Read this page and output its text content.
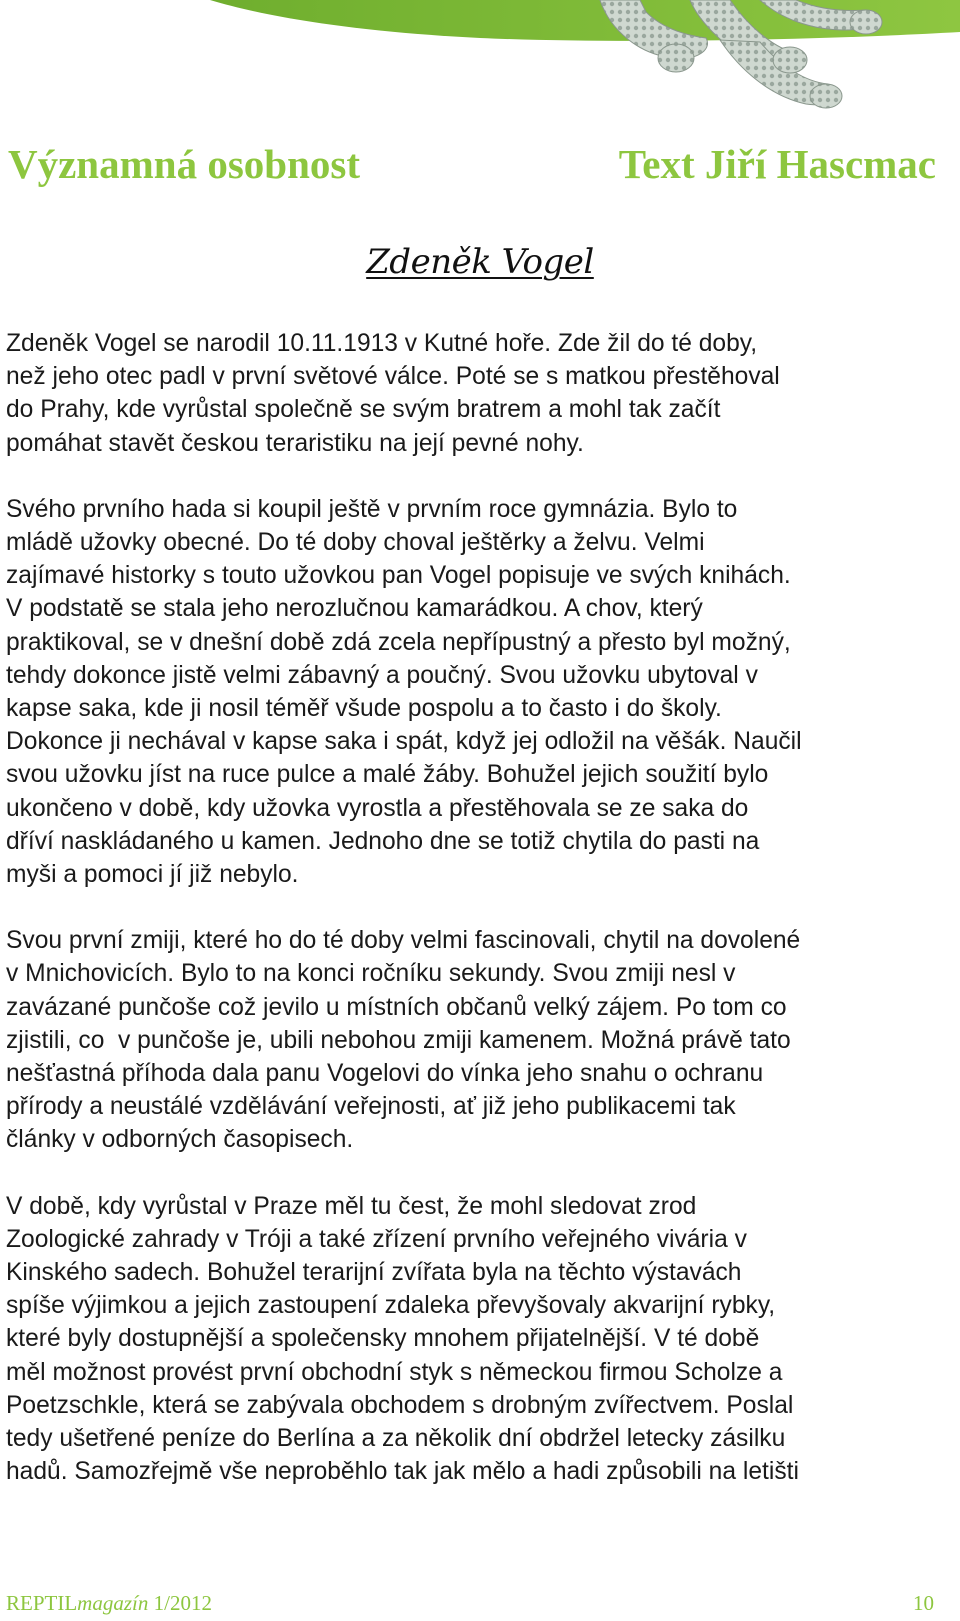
Významná osobnost	Text Jiří Hascmac
Zdeněk Vogel
Zdeněk Vogel se narodil 10.11.1913 v Kutné hoře. Zde žil do té doby,
než jeho otec padl v první světové válce. Poté se s matkou přestěhoval
do Prahy, kde vyrůstal společně se svým bratrem a mohl tak začít
pomáhat stavět českou teraristiku na její pevné nohy.
Svého prvního hada si koupil ještě v prvním roce gymnázia. Bylo to
mládě užovky obecné. Do té doby choval ještěrky a želvu. Velmi
zajímavé historky s touto užovkou pan Vogel popisuje ve svých knihách.
V podstatě se stala jeho nerozlučnou kamarádkou. A chov, který
praktikoval, se v dnešní době zdá zcela nepřípustný a přesto byl možný,
tehdy dokonce jistě velmi zábavný a poučný. Svou užovku ubytoval v
kapse saka, kde ji nosil téměř všude pospolu a to často i do školy.
Dokonce ji nechával v kapse saka i spát, když jej odložil na věšák. Naučil
svou užovku jíst na ruce pulce a malé žáby. Bohužel jejich soužití bylo
ukončeno v době, kdy užovka vyrostla a přestěhovala se ze saka do
dříví naskládaného u kamen. Jednoho dne se totiž chytila do pasti na
myši a pomoci jí již nebylo.
Svou první zmiji, které ho do té doby velmi fascinovali, chytil na dovolené
v Mnichovicích. Bylo to na konci ročníku sekundy. Svou zmiji nesl v
zavázané punčoše což jevilo u místních občanů velký zájem. Po tom co
zjistili, co  v punčoše je, ubili nebohou zmiji kamenem. Možná právě tato
nešťastná příhoda dala panu Vogelovi do vínka jeho snahu o ochranu
přírody a neustálé vzdělávání veřejnosti, ať již jeho publikacemi tak
články v odborných časopisech.
V době, kdy vyrůstal v Praze měl tu čest, že mohl sledovat zrod
Zoologické zahrady v Tróji a také zřízení prvního veřejného vivária v
Kinského sadech. Bohužel terarijní zvířata byla na těchto výstavách
spíše výjimkou a jejich zastoupení zdaleka převyšovaly akvarijní rybky,
které byly dostupnější a společensky mnohem přijatelnější. V té době
měl možnost provést první obchodní styk s německou firmou Scholze a
Poetzschkle, která se zabývala obchodem s drobným zvířectvem. Poslal
tedy ušetřené peníze do Berlína a za několik dní obdržel letecky zásilku
hadů. Samozřejmě vše neproběhlo tak jak mělo a hadi způsobili na letišti
REPTILmagazín 1/2012	10
